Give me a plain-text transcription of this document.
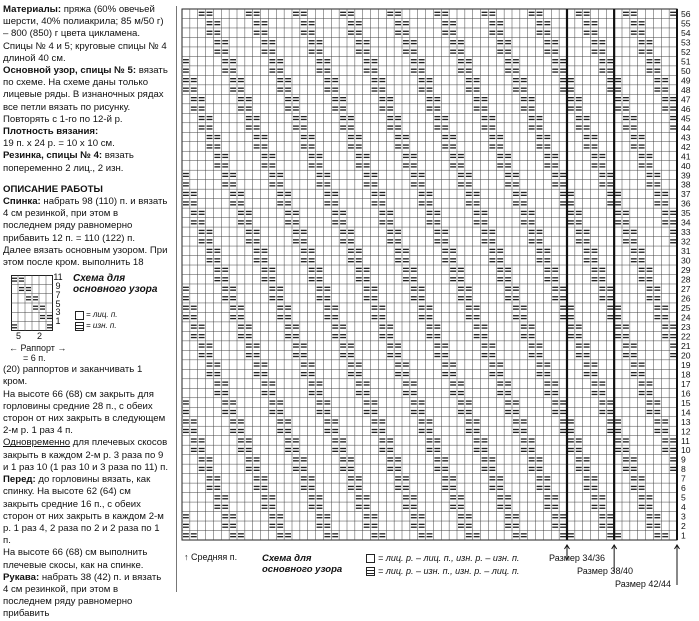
Материалы: пряжа (60% овечьей шерсти, 40% полиакрила; 85 м/50 г) – 800 (850) г цвета цикламена.

Спицы № 4 и 5; круговые спицы № 4 длиной 40 см.

Основной узор, спицы № 5: вязать по схеме. На схеме даны только лицевые ряды. В изнаночных рядах все петли вязать по рисунку.

Повторять с 1-го по 12-й р.

Плотность вязания:

19 п. х 24 р. = 10 х 10 см.

Резинка, спицы № 4: вязать попеременно 2 лиц., 2 изн.

ОПИСАНИЕ РАБОТЫ

Спинка: набрать 98 (110) п. и вязать 4 см резинкой, при этом в последнем ряду равномерно прибавить 12 п. = 110 (122) п.

Далее вязать основным узором. При этом после кром. выполнить 18

11
9
7
5
3
1
Схема для основного узора
= лиц. п.
= изн. п.
5 2
← Раппорт →
= 6 п.

(20) раппортов и заканчивать 1 кром.

На высоте 66 (68) см закрыть для горловины средние 28 п., с обеих сторон от них закрыть в следующем 2-м р. 1 раз 4 п.

Одновременно для плечевых скосов закрыть в каждом 2-м р. 3 раза по 9 и 1 раз 10 (1 раз 10 и 3 раза по 11) п.

Перед: до горловины вязать, как спинку. На высоте 62 (64) см закрыть средние 16 п., с обеих сторон от них закрыть в каждом 2-м р. 1 раз 4, 2 раза по 2 и 2 раза по 1 п.

На высоте 66 (68) см выполнить плечевые скосы, как на спинке.

Рукава: набрать 38 (42) п. и вязать 4 см резинкой, при этом в последнем ряду равномерно прибавить

56
55
54
53
52
51
50
49
48
47
46
45
44
43
42
41
40
39
38
37
36
35
34
33
32
31
30
29
28
27
26
25
24
23
22
21
20
19
18
17
16
15
14
13
12
11
10
9
8
7
6
5
4
3
2
1
↑ Средняя п.	Схема для основного узора
= лиц. р. – лиц. п., изн. р. – изн. п.
= лиц. р. – изн. п., изн. р. – лиц. п.
Размер 34/36
Размер 38/40
Размер 42/44
